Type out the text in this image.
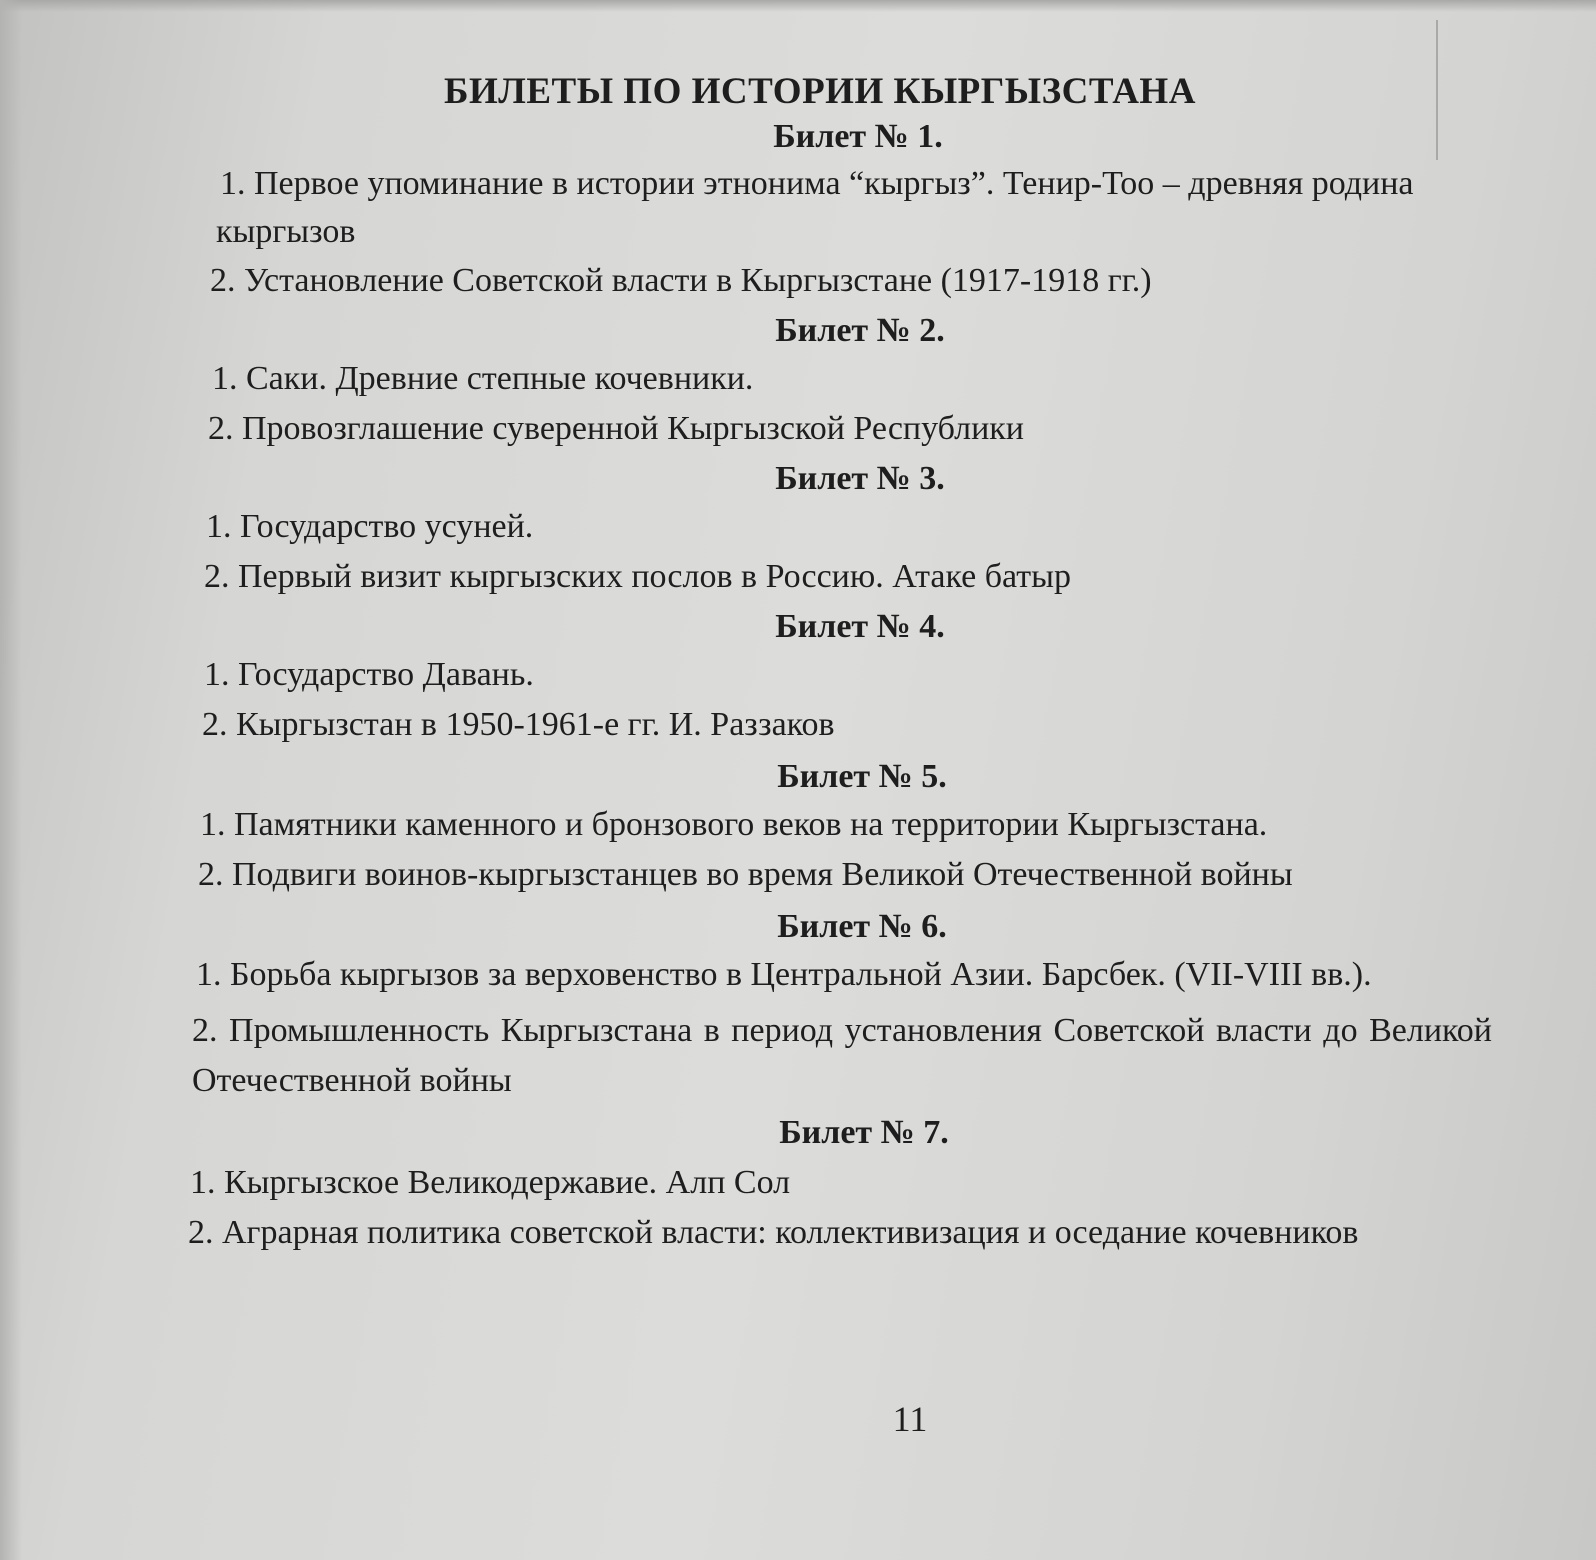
БИЛЕТЫ ПО ИСТОРИИ КЫРГЫЗСТАНА
Билет № 1.

1. Первое упоминание в истории этнонима “кыргыз”. Тенир-Тоо – древняя родина кыргызов

2. Установление Советской власти в Кыргызстане (1917-1918 гг.)

Билет № 2.

1. Саки. Древние степные кочевники.

2. Провозглашение суверенной Кыргызской Республики

Билет № 3.

1. Государство усуней.

2. Первый визит кыргызских послов в Россию. Атаке батыр

Билет № 4.

1. Государство Давань.

2. Кыргызстан в 1950-1961-е гг. И. Раззаков

Билет № 5.

1. Памятники каменного и бронзового веков на территории Кыргызстана.

2. Подвиги воинов-кыргызстанцев во время Великой Отечественной войны

Билет № 6.

1. Борьба кыргызов за верховенство в Центральной Азии. Барсбек. (VII-VIII вв.).

2. Промышленность Кыргызстана в период установления Советской власти до Великой Отечественной войны

Билет № 7.

1. Кыргызское Великодержавие. Алп Сол

2. Аграрная политика советской власти: коллективизация и оседание кочевников

11
